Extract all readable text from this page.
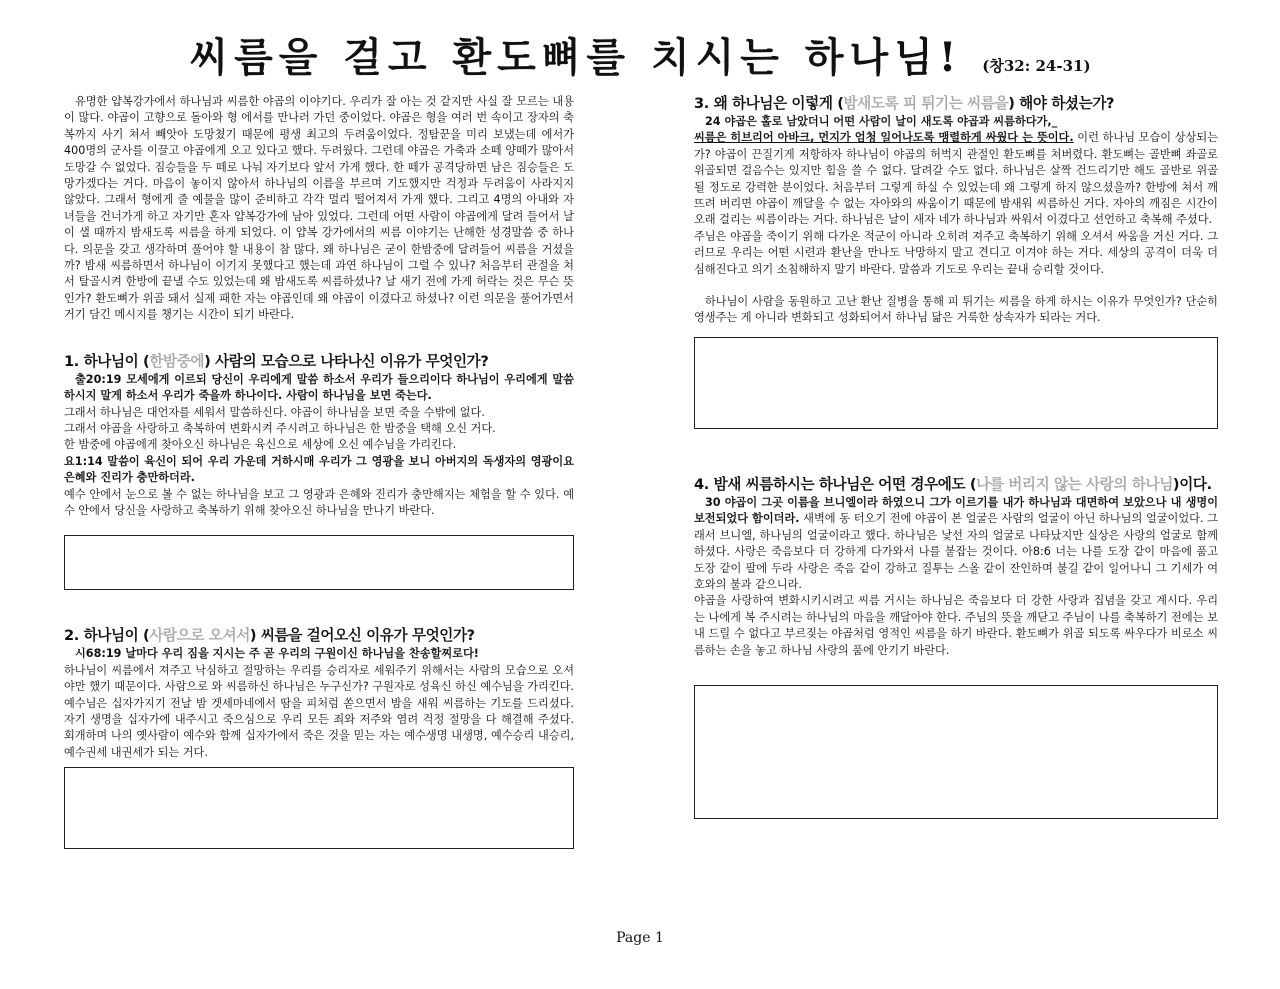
씨름을 걸고 환도뼈를 치시는 하나님! (창32: 24-31)

유명한 얍복강가에서 하나님과 씨름한 야곱의 이야기다. 우리가 잘 아는 것 같지만 사실 잘 모르는 내용이 많다. 야곱이 고향으로 돌아와 형 에서를 만나러 가던 중이었다. 야곱은 형을 여러 번 속이고 장자의 축복까지 사기 쳐서 빼앗아 도망쳤기 때문에 평생 최고의 두려움이었다. 정탐꾼을 미리 보냈는데 에서가 400명의 군사를 이끌고 야곱에게 오고 있다고 했다. 두려웠다. 그런데 야곱은 가축과 소떼 양떼가 많아서 도망갈 수 없었다. 짐승들을 두 떼로 나눠 자기보다 앞서 가게 했다. 한 떼가 공격당하면 남은 짐승들은 도망가겠다는 거다. 마음이 놓이지 않아서 하나님의 이름을 부르며 기도했지만 걱정과 두려움이 사라지지 않았다. 그래서 형에게 줄 예물을 많이 준비하고 각각 멀리 떨어져서 가게 했다. 그리고 4명의 아내와 자녀들을 건너가게 하고 자기만 혼자 얍복강가에 남아 있었다. 그런데 어떤 사람이 야곱에게 달려 들어서 날이 샐 때까지 밤새도록 씨름을 하게 되었다. 이 얍복 강가에서의 씨름 이야기는 난해한 성경말씀 중 하나다. 의문을 갖고 생각하며 풀어야 할 내용이 참 많다. 왜 하나님은 굳이 한밤중에 달려들어 씨름을 거셨을까? 밤새 씨름하면서 하나님이 이기지 못했다고 했는데 과연 하나님이 그럴 수 있나? 처음부터 관절을 쳐서 탈골시켜 한방에 끝낼 수도 있었는데 왜 밤새도록 씨름하셨나? 날 새기 전에 가게 허락는 것은 무슨 뜻인가? 환도뼈가 위골 돼서 실제 패한 자는 야곱인데 왜 야곱이 이겼다고 하셨나? 이런 의문을 풀어가면서 거기 담긴 메시지를 챙기는 시간이 되기 바란다.

1. 하나님이 (한밤중에) 사람의 모습으로 나타나신 이유가 무엇인가?

출20:19 모세에게 이르되 당신이 우리에게 말씀 하소서 우리가 들으리이다 하나님이 우리에게 말씀하시지 말게 하소서 우리가 죽을까 하나이다. 사람이 하나님을 보면 죽는다.

그래서 하나님은 대언자를 세워서 말씀하신다. 야곱이 하나님을 보면 죽을 수밖에 없다.

그래서 야곱을 사랑하고 축복하여 변화시켜 주시려고 하나님은 한 밤중을 택해 오신 거다.

한 밤중에 야곱에게 찾아오신 하나님은 육신으로 세상에 오신 예수님을 가리킨다.

요1:14 말씀이 육신이 되어 우리 가운데 거하시매 우리가 그 영광을 보니 아버지의 독생자의 영광이요 은혜와 진리가 충만하더라.

예수 안에서 눈으로 볼 수 없는 하나님을 보고 그 영광과 은혜와 진리가 충만해지는 체험을 할 수 있다. 예수 안에서 당신을 사랑하고 축복하기 위해 찾아오신 하나님을 만나기 바란다.

2. 하나님이 (사람으로 오셔서) 씨름을 걸어오신 이유가 무엇인가?

시68:19 날마다 우리 짐을 지시는 주 곧 우리의 구원이신 하나님을 찬송할찌로다!

하나님이 씨름에서 져주고 낙심하고 절망하는 우리를 승리자로 세워주기 위해서는 사람의 모습으로 오셔야만 했기 때문이다. 사람으로 와 씨름하신 하나님은 누구신가? 구원자로 성육신 하신 예수님을 가리킨다. 예수님은 십자가지기 전날 밤 겟세마네에서 땀을 피처럼 쏟으면서 밤을 새워 씨름하는 기도를 드리셨다. 자기 생명을 십자가에 내주시고 죽으심으로 우리 모든 죄와 저주와 염려 걱정 절망을 다 해결해 주셨다. 회개하며 나의 옛사람이 예수와 함께 십자가에서 죽은 것을 믿는 자는 예수생명 내생명, 예수승리 내승리, 예수권세 내권세가 되는 거다.

3. 왜 하나님은 이렇게 (밤새도록 피 튀기는 씨름을) 해야 하셨는가?

24 야곱은 홀로 남았더니 어떤 사람이 날이 새도록 야곱과 씨름하다가,_

씨름은 히브리어 아바크, 먼지가 엄청 일어나도록 맹렬하게 싸웠다 는 뜻이다. 이런 하나님 모습이 상상되는가? 야곱이 끈질기게 저항하자 하나님이 야곱의 허벅지 관절인 환도뼈를 쳐버렸다. 환도뼈는 골반뼈 좌골로 위골되면 걸음수는 있지만 힘을 쓸 수 없다. 달려갈 수도 없다. 하나님은 살짝 건드리기만 해도 골반로 위골될 정도로 강력한 분이었다. 처음부터 그렇게 하실 수 있었는데 왜 그렇게 하지 않으셨을까? 한방에 쳐서 깨뜨려 버리면 야곱이 깨달을 수 없는 자아와의 싸움이기 때문에 밤새워 씨름하신 거다. 자아의 깨짐은 시간이 오래 걸리는 씨름이라는 거다. 하나님은 날이 새자 네가 하나님과 싸워서 이겼다고 선언하고 축복해 주셨다.

주님은 야곱을 죽이기 위해 다가온 적군이 아니라 오히려 져주고 축복하기 위해 오셔서 싸움을 거신 거다. 그러므로 우리는 어떤 시련과 환난을 만나도 낙망하지 말고 견디고 이겨야 하는 거다. 세상의 공격이 더욱 더 심해진다고 의기 소침해하지 말기 바란다. 말씀과 기도로 우리는 끝내 승리할 것이다.

하나님이 사람을 동원하고 고난 환난 질병을 통해 피 튀기는 씨름을 하게 하시는 이유가 무엇인가? 단순히 영생주는 게 아니라 변화되고 성화되어서 하나님 닮은 거룩한 상속자가 되라는 거다.

4. 밤새 씨름하시는 하나님은 어떤 경우에도 (나를 버리지 않는 사랑의 하나님)이다.

30 야곱이 그곳 이름을 브니엘이라 하였으니 그가 이르기를 내가 하나님과 대면하여 보았으나 내 생명이 보전되었다 함이더라. 새벽에 동 터오기 전에 야곱이 본 얼굴은 사람의 얼굴이 아닌 하나님의 얼굴이었다. 그래서 브니엘, 하나님의 얼굴이라고 했다. 하나님은 낯선 자의 얼굴로 나타났지만 실상은 사랑의 얼굴로 함께 하셨다. 사랑은 죽음보다 더 강하게 다가와서 나를 붙잡는 것이다. 아8:6 너는 나를 도장 같이 마음에 품고 도장 같이 팔에 두라 사랑은 죽음 같이 강하고 질투는 스올 같이 잔인하며 불길 같이 일어나니 그 기세가 여호와의 불과 같으니라.

야곱을 사랑하여 변화시키시려고 씨름 거시는 하나님은 죽음보다 더 강한 사랑과 집념을 갖고 계시다. 우리는 나에게 복 주시려는 하나님의 마음을 깨달아야 한다. 주님의 뜻을 깨닫고 주님이 나를 축복하기 전에는 보내 드릴 수 없다고 부르짖는 야곱처럼 영적인 씨름을 하기 바란다. 환도뼈가 위골 되도록 싸우다가 비로소 씨름하는 손을 놓고 하나님 사랑의 품에 안기기 바란다.

Page 1
